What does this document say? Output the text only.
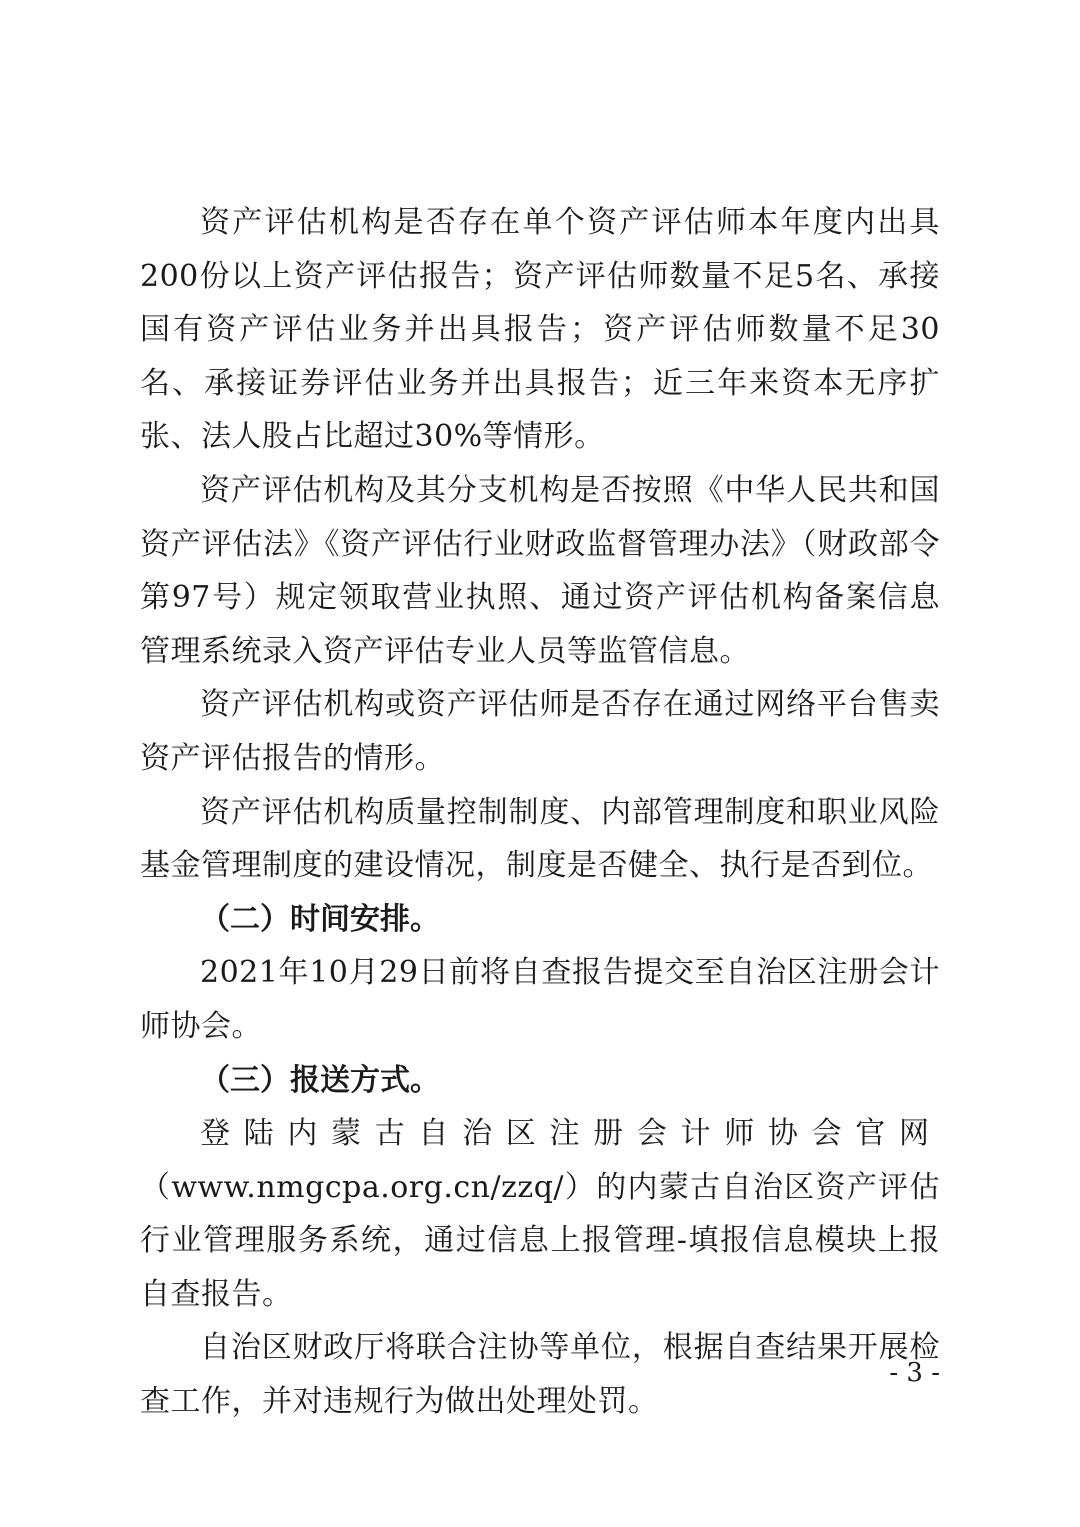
资产评估机构是否存在单个资产评估师本年度内出具200份以上资产评估报告；资产评估师数量不足5名、承接国有资产评估业务并出具报告；资产评估师数量不足30名、承接证券评估业务并出具报告；近三年来资本无序扩张、法人股占比超过30%等情形。

资产评估机构及其分支机构是否按照《中华人民共和国资产评估法》《资产评估行业财政监督管理办法》（财政部令第97号）规定领取营业执照、通过资产评估机构备案信息管理系统录入资产评估专业人员等监管信息。

资产评估机构或资产评估师是否存在通过网络平台售卖资产评估报告的情形。

资产评估机构质量控制制度、内部管理制度和职业风险基金管理制度的建设情况，制度是否健全、执行是否到位。

（二）时间安排。

2021年10月29日前将自查报告提交至自治区注册会计师协会。

（三）报送方式。

登陆内蒙古自治区注册会计师协会官网（www.nmgcpa.org.cn/zzq/）的内蒙古自治区资产评估行业管理服务系统，通过信息上报管理-填报信息模块上报自查报告。

自治区财政厅将联合注协等单位，根据自查结果开展检查工作，并对违规行为做出处理处罚。

- 3 -
